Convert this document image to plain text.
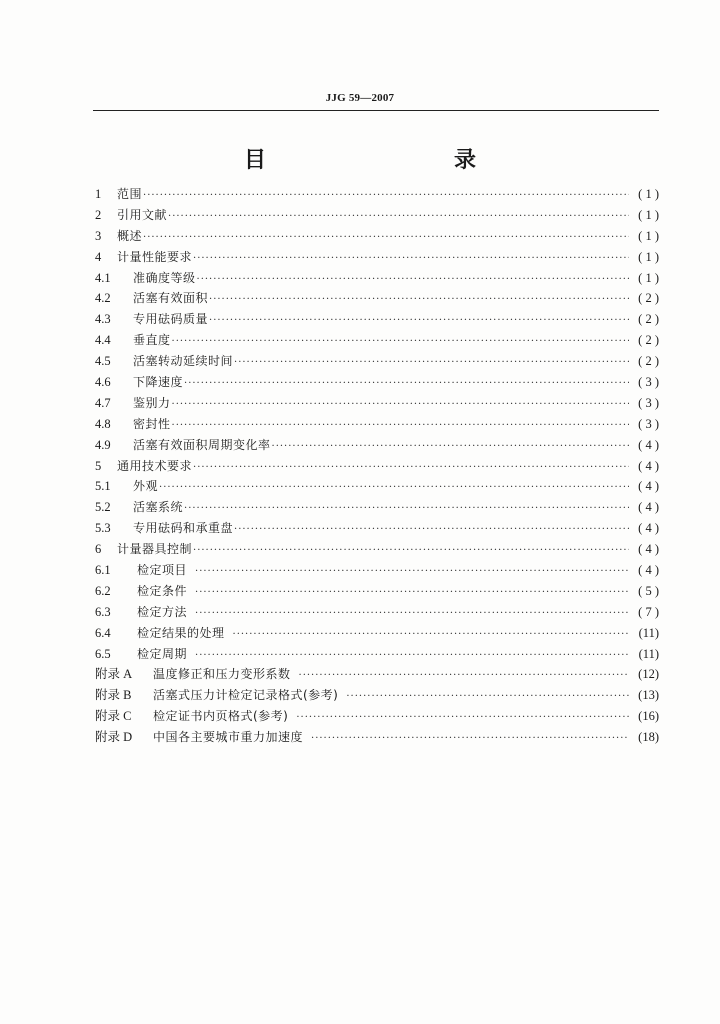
JJG 59—2007
目　　录
1	范围 ·····	( 1 )
2	引用文献 ·····	( 1 )
3	概述 ·····	( 1 )
4	计量性能要求 ·····	( 1 )
4.1	准确度等级 ·····	( 1 )
4.2	活塞有效面积 ·····	( 2 )
4.3	专用砝码质量 ·····	( 2 )
4.4	垂直度 ·····	( 2 )
4.5	活塞转动延续时间 ·····	( 2 )
4.6	下降速度 ·····	( 3 )
4.7	鉴别力 ·····	( 3 )
4.8	密封性 ·····	( 3 )
4.9	活塞有效面积周期变化率 ·····	( 4 )
5	通用技术要求 ·····	( 4 )
5.1	外观 ·····	( 4 )
5.2	活塞系统 ·····	( 4 )
5.3	专用砝码和承重盘 ·····	( 4 )
6	计量器具控制 ·····	( 4 )
6.1	检定项目 ·····	( 4 )
6.2	检定条件 ·····	( 5 )
6.3	检定方法 ·····	( 7 )
6.4	检定结果的处理 ·····	(11)
6.5	检定周期 ·····	(11)
附录 A	温度修正和压力变形系数 ·····	(12)
附录 B	活塞式压力计检定记录格式(参考) ·····	(13)
附录 C	检定证书内页格式(参考) ·····	(16)
附录 D	中国各主要城市重力加速度 ·····	(18)
